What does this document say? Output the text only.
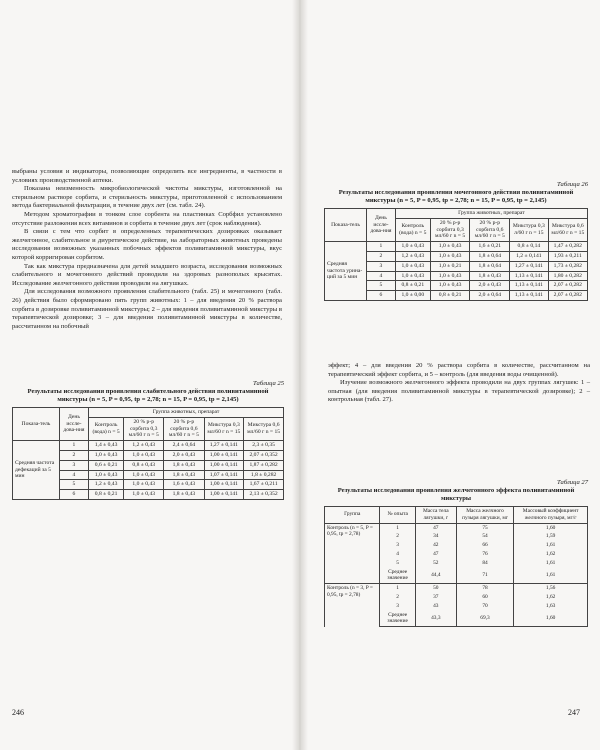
выбраны условия и индикаторы, позволяющие определить все ингредиенты, в частности в условиях производственной аптеки.

Показана неизменность микробиологической чистоты микстуры, изготовленной на стерильном растворе сорбита, и стерильность микстуры, приготовленной с использованием метода бактериальной фильтрации, в течение двух лет (см. табл. 24).

Методом хроматографии в тонком слое сорбента на пластинках Сорбфил установлено отсутствие разложения всех витаминов и сорбита в течение двух лет (срок наблюдения).

В связи с тем что сорбит в определенных терапевтических дозировках оказывает желчегонное, слабительное и диуретическое действие, на лабораторных животных проведены исследования возможных указанных побочных эффектов поливитаминной микстуры, вкус которой корригирован сорбитом.

Так как микстура предназначена для детей младшего возраста, исследования возможных слабительного и мочегонного действий проводили на здоровых разнополых крысятах. Исследование желчегонного действия проводили на лягушках.

Для исследования возможного проявления слабительного (табл. 25) и мочегонного (табл. 26) действия было сформировано пять групп животных: 1 – для введения 20 % раствора сорбита в дозировке поливитаминной микстуры; 2 – для введения поливитаминной микстуры в терапевтической дозировке; 3 – для введения поливитаминной микстуры в количестве, рассчитанном на побочный

Таблица 25
Результаты исследования проявления слабительного действия поливитаминной микстуры (n = 5, P = 0,95, tp = 2,78; n = 15, P = 0,95, tp = 2,145)
Показа-тель	День иссле-дова-ния	Группа животных, препарат				
		Контроль (вода) n = 5	20 % р-р сорбита 0,3 мл/60 г n = 5	20 % р-р сорбита 0,6 мл/60 г n = 5	Микстура 0,3 мл/60 г n = 15	Микстура 0,6 мл/60 г n = 15
Средняя частота дефекаций за 5 мин	1	1,4 ± 0,43	1,2 ± 0,43	2,4 ± 0,64	1,27 ± 0,141	2,3 ± 0,35
	2	1,0 ± 0,43	1,0 ± 0,43	2,0 ± 0,43	1,00 ± 0,141	2,07 ± 0,352
	3	0,6 ± 0,21	0,8 ± 0,43	1,8 ± 0,43	1,00 ± 0,141	1,87 ± 0,282
	4	1,0 ± 0,43	1,0 ± 0,43	1,8 ± 0,43	1,07 ± 0,141	1,8 ± 0,282
	5	1,2 ± 0,43	1,0 ± 0,43	1,6 ± 0,43	1,00 ± 0,141	1,67 ± 0,211
	6	0,8 ± 0,21	1,0 ± 0,43	1,8 ± 0,43	1,00 ± 0,141	2,13 ± 0,352
246
Таблица 26
Результаты исследования проявления мочегонного действия поливитаминной микстуры (n = 5, P = 0,95, tp = 2,78; n = 15, P = 0,95, tp = 2,145)
Показа-тель	День иссле-дова-ния	Группа животных, препарат				
		Контроль (вода) n = 5	20 % р-р сорбита 0,3 мл/60 г n = 5	20 % р-р сорбита 0,6 мл/60 г n = 5	Микстура 0,3 л/60 г n = 15	Микстура 0,6 мл/60 г n = 15
Средняя частота урина-ций за 5 мин	1	1,0 ± 0,43	1,0 ± 0,43	1,6 ± 0,21	0,8 ± 0,14	1,47 ± 0,282
	2	1,2 ± 0,43	1,0 ± 0,43	1,8 ± 0,64	1,2 ± 0,141	1,93 ± 0,211
	3	1,0 ± 0,43	1,0 ± 0,21	1,8 ± 0,64	1,27 ± 0,141	1,73 ± 0,282
	4	1,0 ± 0,43	1,0 ± 0,43	1,8 ± 0,43	1,13 ± 0,141	1,80 ± 0,282
	5	0,8 ± 0,21	1,0 ± 0,43	2,0 ± 0,43	1,13 ± 0,141	2,07 ± 0,282
	6	1,0 ± 0,00	0,8 ± 0,21	2,0 ± 0,64	1,13 ± 0,141	2,07 ± 0,282

эффект; 4 – для введения 20 % раствора сорбита в количестве, рассчитанном на терапевтический эффект сорбита, и 5 – контроль (для введения воды очищенной).

Изучение возможного желчегонного эффекта проводили на двух группах лягушек: 1 – опытная (для введения поливитаминной микстуры в терапевтической дозировке); 2 – контрольная (табл. 27).

Таблица 27
Результаты исследования проявления желчегонного эффекта поливитаминной микстуры
Группа	№ опыта	Масса тела лягушки, г	Масса желчного пузыря лягушки, мг	Массовый коэффициент желчного пузыря, мг/г
Контроль (n = 5, P = 0,95, tp = 2,78)	1	47	75	1,60
	2	34	54	1,59
	3	42	66	1,61
	4	47	76	1,62
	5	52	84	1,61
	Среднее значение	44,4	71	1,61
Контроль (n = 3, P = 0,95, tp = 2,78)	1	50	78	1,56
	2	37	60	1,62
	3	43	70	1,63
	Среднее значение	43,3	69,3	1,60
247
